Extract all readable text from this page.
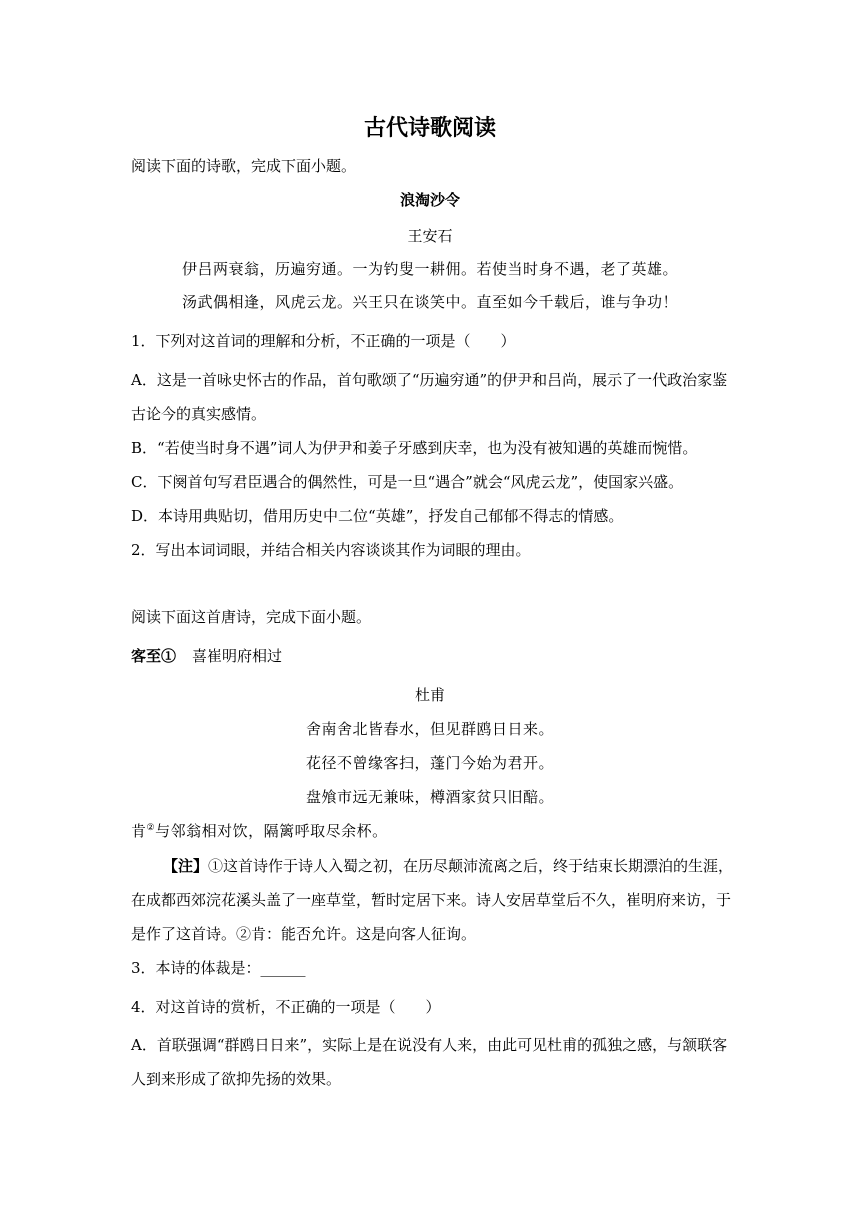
古代诗歌阅读
阅读下面的诗歌，完成下面小题。
浪淘沙令
王安石
伊吕两衰翁，历遍穷通。一为钓叟一耕佣。若使当时身不遇，老了英雄。
汤武偶相逢，风虎云龙。兴王只在谈笑中。直至如今千载后，谁与争功！
1．下列对这首词的理解和分析，不正确的一项是（　　）
A．这是一首咏史怀古的作品，首句歌颂了“历遍穷通”的伊尹和吕尚，展示了一代政治家鉴
古论今的真实感情。
B．“若使当时身不遇”词人为伊尹和姜子牙感到庆幸，也为没有被知遇的英雄而惋惜。
C．下阕首句写君臣遇合的偶然性，可是一旦“遇合”就会“风虎云龙”，使国家兴盛。
D．本诗用典贴切，借用历史中二位“英雄”，抒发自己郁郁不得志的情感。
2．写出本词词眼，并结合相关内容谈谈其作为词眼的理由。
阅读下面这首唐诗，完成下面小题。
客至① 喜崔明府相过
杜甫
舍南舍北皆春水，但见群鸥日日来。
花径不曾缘客扫，蓬门今始为君开。
盘飧市远无兼味，樽酒家贫只旧醅。
肯②与邻翁相对饮，隔篱呼取尽余杯。
【注】①这首诗作于诗人入蜀之初，在历尽颠沛流离之后，终于结束长期漂泊的生涯，
在成都西郊浣花溪头盖了一座草堂，暂时定居下来。诗人安居草堂后不久，崔明府来访，于
是作了这首诗。②肯：能否允许。这是向客人征询。
3．本诗的体裁是：______
4．对这首诗的赏析，不正确的一项是（　　）
A．首联强调“群鸥日日来”，实际上是在说没有人来，由此可见杜甫的孤独之感，与颔联客
人到来形成了欲抑先扬的效果。
